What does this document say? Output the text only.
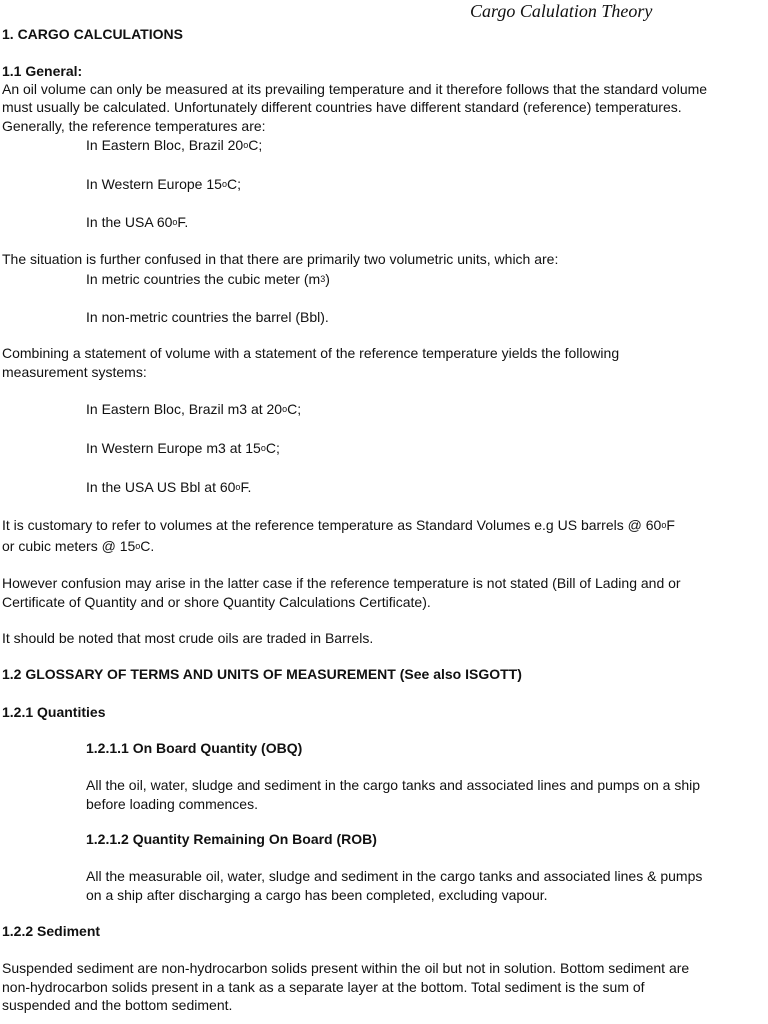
Cargo Calulation Theory
1. CARGO CALCULATIONS
1.1 General:
An oil volume can only be measured at its prevailing temperature and it therefore follows that the standard volume
must usually be calculated. Unfortunately different countries have different standard (reference) temperatures.
Generally, the reference temperatures are:
In Eastern Bloc, Brazil 20$^o$C;
In Western Europe 15$^o$C;
In the USA 60$^o$F.
The situation is further confused in that there are primarily two volumetric units, which are:
In metric countries the cubic meter $(m^3)$
In non-metric countries the barrel (Bbl).
Combining a statement of volume with a statement of the reference temperature yields the following
measurement systems:
In Eastern Bloc, Brazil m3 at 20$^o$C;
In Western Europe m3 at 15$^o$C;
In the USA US Bbl at 60$^o$F.
It is customary to refer to volumes at the reference temperature as Standard Volumes e.g US barrels @ 60$^o$F
or cubic meters @ 15$^o$C.
However confusion may arise in the latter case if the reference temperature is not stated (Bill of Lading and or
Certificate of Quantity and or shore Quantity Calculations Certificate).
It should be noted that most crude oils are traded in Barrels.
1.2 GLOSSARY OF TERMS AND UNITS OF MEASUREMENT (See also ISGOTT)
1.2.1 Quantities
1.2.1.1 On Board Quantity (OBQ)
All the oil, water, sludge and sediment in the cargo tanks and associated lines and pumps on a ship
before loading commences.
1.2.1.2 Quantity Remaining On Board (ROB)
All the measurable oil, water, sludge and sediment in the cargo tanks and associated lines & pumps
on a ship after discharging a cargo has been completed, excluding vapour.
1.2.2 Sediment
Suspended sediment are non-hydrocarbon solids present within the oil but not in solution. Bottom sediment are
non-hydrocarbon solids present in a tank as a separate layer at the bottom. Total sediment is the sum of
suspended and the bottom sediment.
